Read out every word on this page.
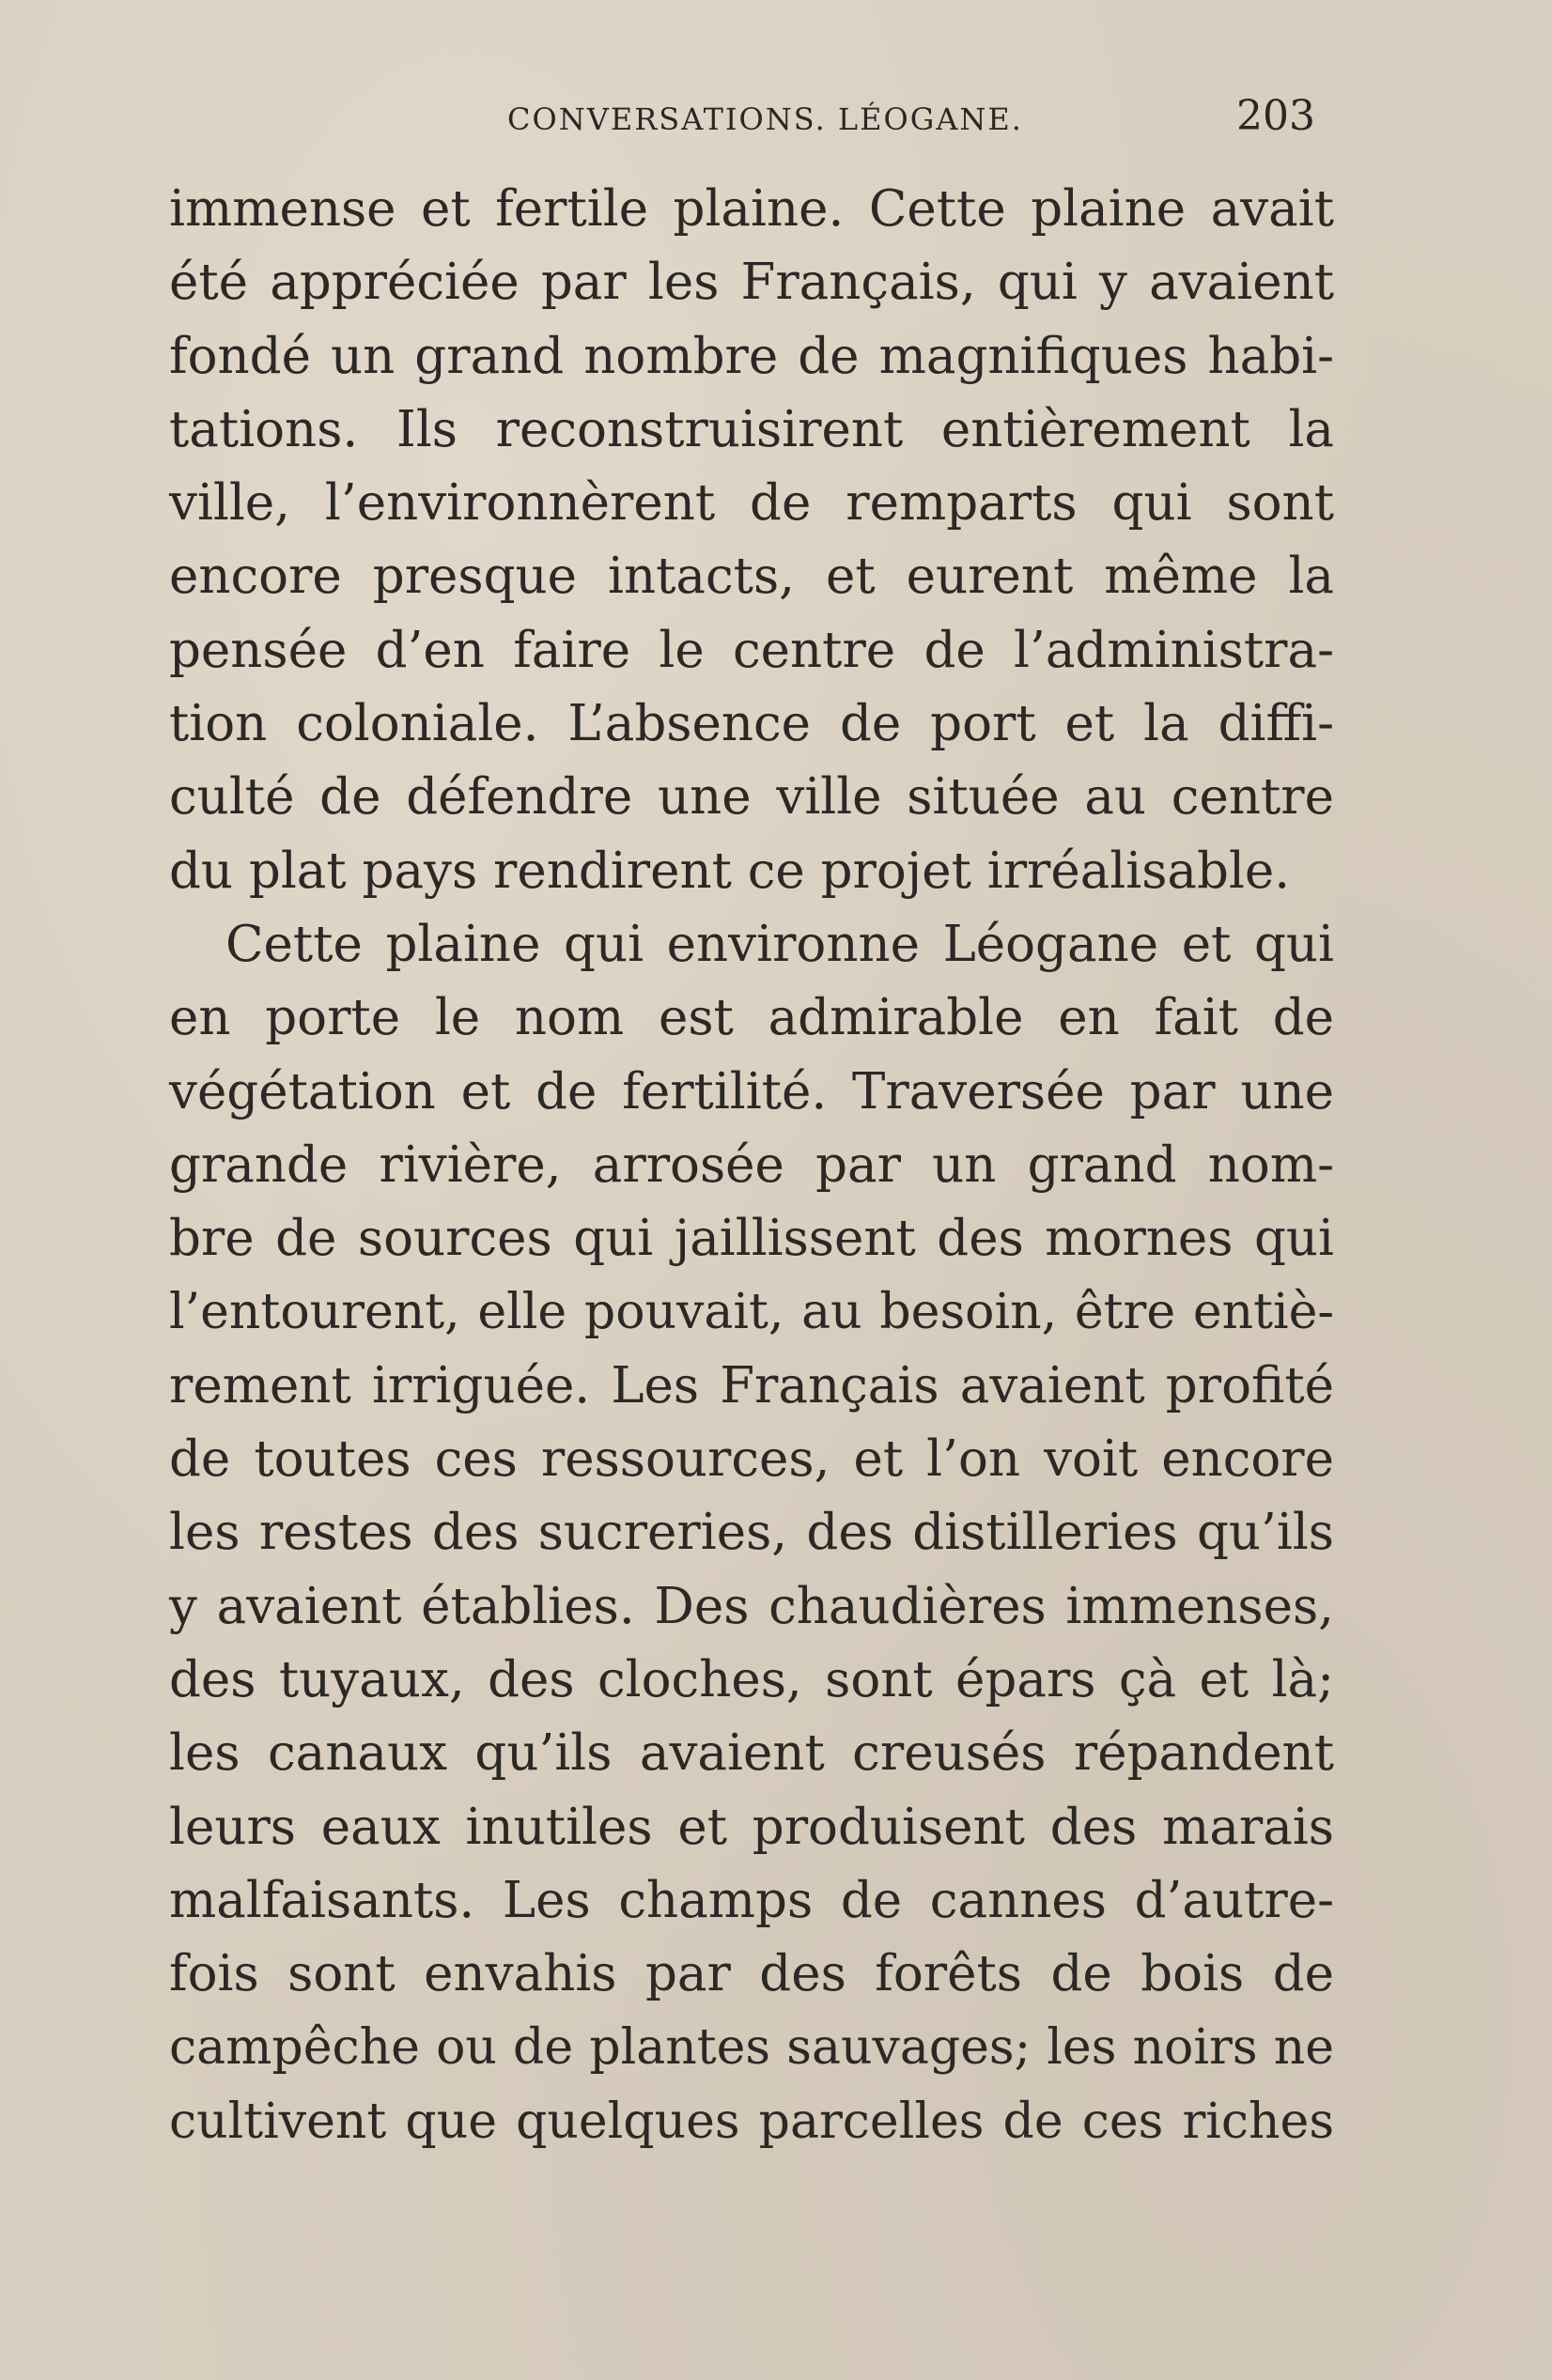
CONVERSATIONS. LÉOGANE.	203
immense et fertile plaine. Cette plaine avait
été appréciée par les Français, qui y avaient
fondé un grand nombre de magnifiques habi-
tations. Ils reconstruisirent entièrement la
ville, l’environnèrent de remparts qui sont
encore presque intacts, et eurent même la
pensée d’en faire le centre de l’administra-
tion coloniale. L’absence de port et la diffi-
culté de défendre une ville située au centre
du plat pays rendirent ce projet irréalisable.
Cette plaine qui environne Léogane et qui
en porte le nom est admirable en fait de
végétation et de fertilité. Traversée par une
grande rivière, arrosée par un grand nom-
bre de sources qui jaillissent des mornes qui
l’entourent, elle pouvait, au besoin, être entiè-
rement irriguée. Les Français avaient profité
de toutes ces ressources, et l’on voit encore
les restes des sucreries, des distilleries qu’ils
y avaient établies. Des chaudières immenses,
des tuyaux, des cloches, sont épars çà et là;
les canaux qu’ils avaient creusés répandent
leurs eaux inutiles et produisent des marais
malfaisants. Les champs de cannes d’autre-
fois sont envahis par des forêts de bois de
campêche ou de plantes sauvages; les noirs ne
cultivent que quelques parcelles de ces riches
